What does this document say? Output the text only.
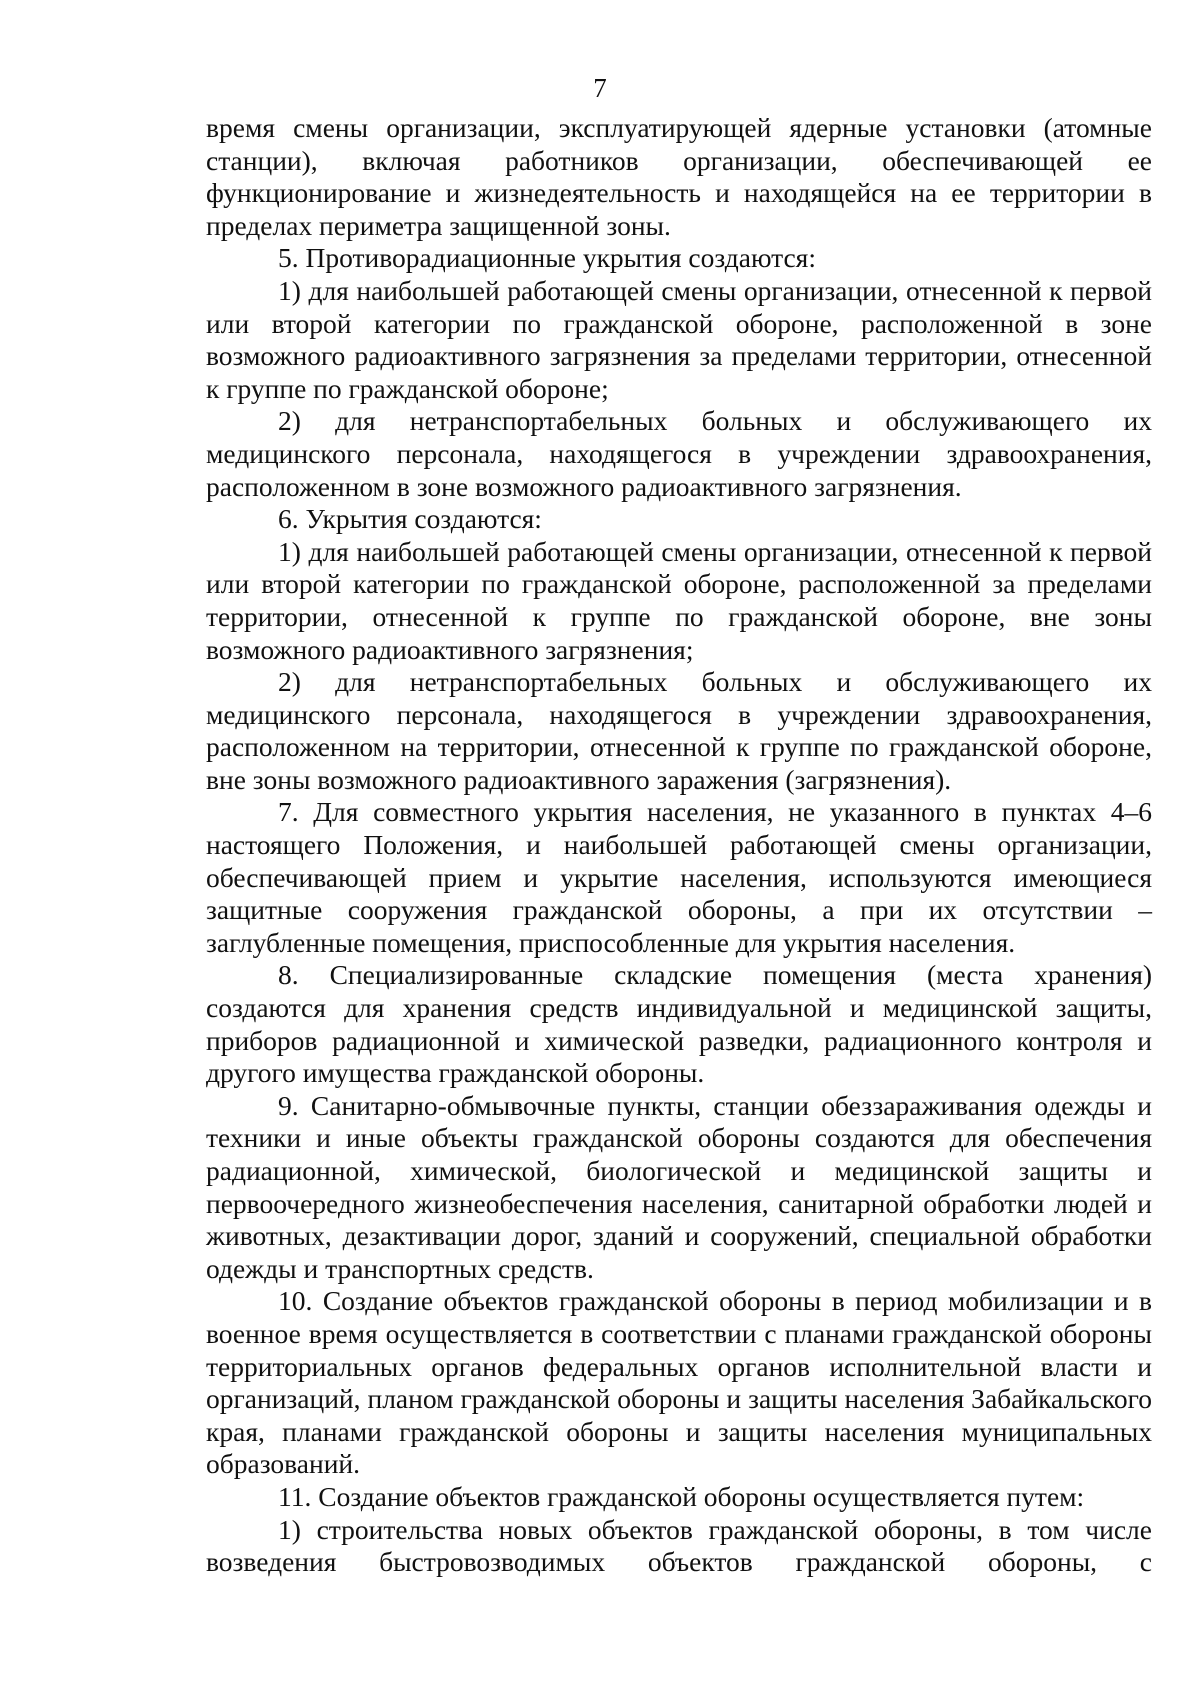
7

время смены организации, эксплуатирующей ядерные установки (атомные станции), включая работников организации, обеспечивающей ее функционирование и жизнедеятельность и находящейся на ее территории в пределах периметра защищенной зоны.

5. Противорадиационные укрытия создаются:

1) для наибольшей работающей смены организации, отнесенной к первой или второй категории по гражданской обороне, расположенной в зоне возможного радиоактивного загрязнения за пределами территории, отнесенной к группе по гражданской обороне;

2) для нетранспортабельных больных и обслуживающего их медицинского персонала, находящегося в учреждении здравоохранения, расположенном в зоне возможного радиоактивного загрязнения.

6. Укрытия создаются:

1) для наибольшей работающей смены организации, отнесенной к первой или второй категории по гражданской обороне, расположенной за пределами территории, отнесенной к группе по гражданской обороне, вне зоны возможного радиоактивного загрязнения;

2) для нетранспортабельных больных и обслуживающего их медицинского персонала, находящегося в учреждении здравоохранения, расположенном на территории, отнесенной к группе по гражданской обороне, вне зоны возможного радиоактивного заражения (загрязнения).

7. Для совместного укрытия населения, не указанного в пунктах 4–6 настоящего Положения, и наибольшей работающей смены организации, обеспечивающей прием и укрытие населения, используются имеющиеся защитные сооружения гражданской обороны, а при их отсутствии – заглубленные помещения, приспособленные для укрытия населения.

8. Специализированные складские помещения (места хранения) создаются для хранения средств индивидуальной и медицинской защиты, приборов радиационной и химической разведки, радиационного контроля и другого имущества гражданской обороны.

9. Санитарно-обмывочные пункты, станции обеззараживания одежды и техники и иные объекты гражданской обороны создаются для обеспечения радиационной, химической, биологической и медицинской защиты и первоочередного жизнеобеспечения населения, санитарной обработки людей и животных, дезактивации дорог, зданий и сооружений, специальной обработки одежды и транспортных средств.

10. Создание объектов гражданской обороны в период мобилизации и в военное время осуществляется в соответствии с планами гражданской обороны территориальных органов федеральных органов исполнительной власти и организаций, планом гражданской обороны и защиты населения Забайкальского края, планами гражданской обороны и защиты населения муниципальных образований.

11. Создание объектов гражданской обороны осуществляется путем:

1) строительства новых объектов гражданской обороны, в том числе возведения быстровозводимых объектов гражданской обороны, с
